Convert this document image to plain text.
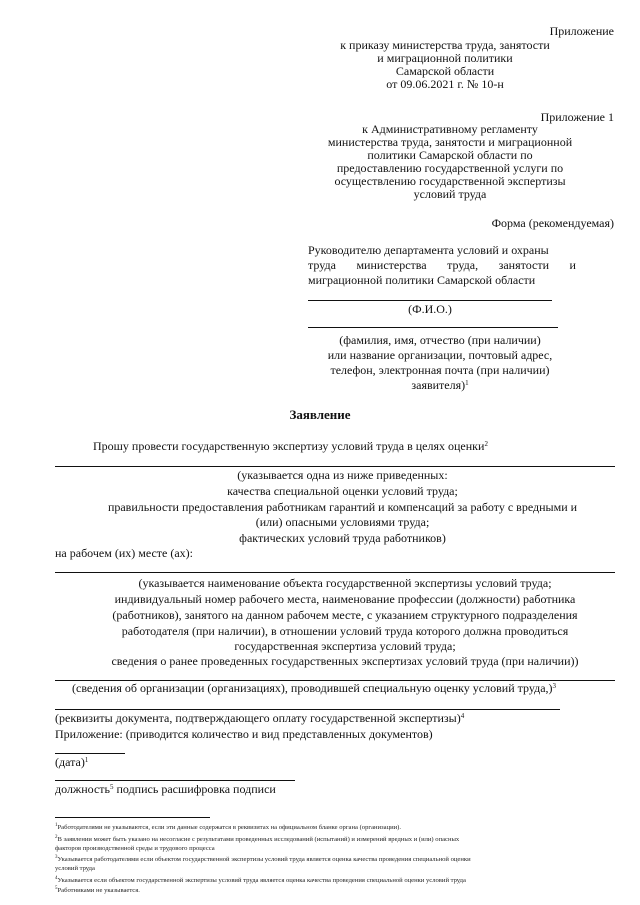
Приложение
к приказу министерства труда, занятости
и миграционной политики
Самарской области
от 09.06.2021 г. № 10-н
Приложение 1
к Административному регламенту
министерства труда, занятости и миграционной
политики Самарской области по
предоставлению государственной услуги по
осуществлению государственной экспертизы
условий труда
Форма (рекомендуемая)
Руководителю департамента условий и охраны
труда министерства труда, занятости и
миграционной политики Самарской области
(Ф.И.О.)
(фамилия, имя, отчество (при наличии)
или название организации, почтовый адрес,
телефон, электронная почта (при наличии)
заявителя)$^1$
Заявление
Прошу провести государственную экспертизу условий труда в целях оценки$^2$
(указывается одна из ниже приведенных:
качества специальной оценки условий труда;
правильности предоставления работникам гарантий и компенсаций за работу с вредными и
(или) опасными условиями труда;
фактических условий труда работников)
на рабочем (их) месте (ах):
(указывается наименование объекта государственной экспертизы условий труда;
индивидуальный номер рабочего места, наименование профессии (должности) работника
(работников), занятого на данном рабочем месте, с указанием структурного подразделения
работодателя (при наличии), в отношении условий труда которого должна проводиться
государственная экспертиза условий труда;
сведения о ранее проведенных государственных экспертизах условий труда (при наличии))
(сведения об организации (организациях), проводившей специальную оценку условий труда,)$^3$
(реквизиты документа, подтверждающего оплату государственной экспертизы)$^4$
Приложение: (приводится количество и вид представленных документов)
(дата)$^1$
должность$^5$ подпись расшифровка подписи
$^1$Работодателями не указываются, если эти данные содержатся в реквизитах на официальном бланке органа (организации).
$^2$В заявлении может быть указано на несогласие с результатами проведенных исследований (испытаний) и измерений вредных и (или) опасных
факторов производственной среды и трудового процесса
$^3$Указывается работодателями если объектом государственной экспертизы условий труда является оценка качества проведения специальной оценки
условий труда
$^4$Указывается если объектом государственной экспертизы условий труда является оценка качества проведения специальной оценки условий труда
$^5$Работниками не указывается.
